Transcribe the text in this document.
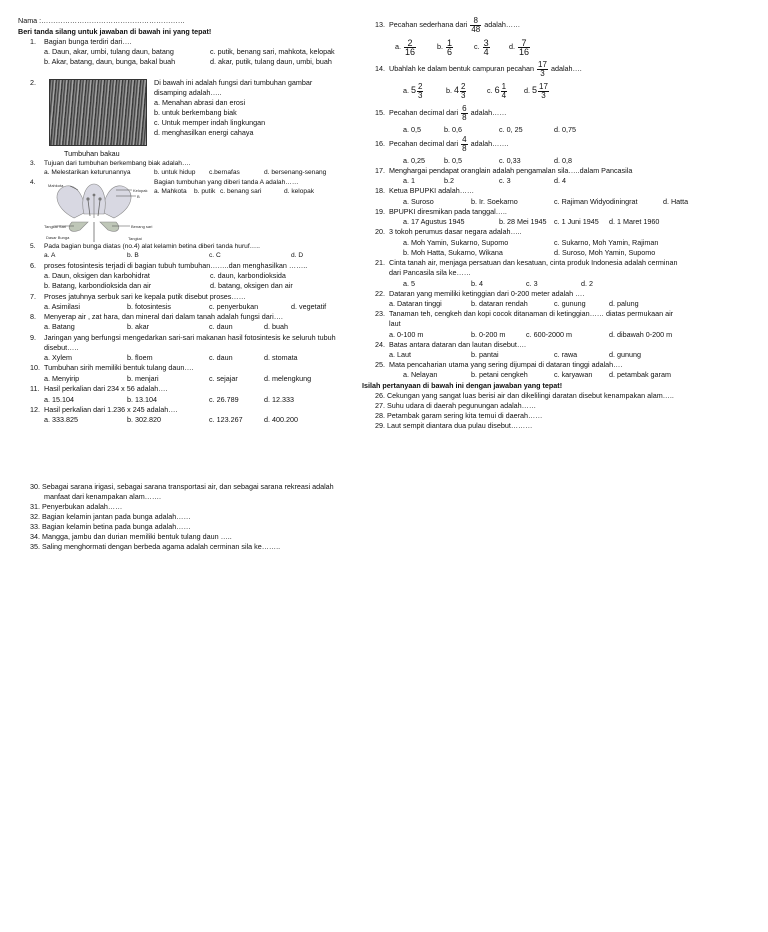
Nama :……………………………………………………
Beri tanda silang untuk jawaban di bawah ini yang tepat!
1. Bagian bunga terdiri dari….
a. Daun, akar, umbi, tulang daun, batang	c. putik, benang sari, mahkota, kelopak
b. Akar, batang, daun, bunga, bakal buah	d. akar, putik, tulang daun, umbi, buah
2.	Di bawah ini adalah fungsi dari tumbuhan gambar
disamping adalah…..
a. Menahan abrasi dan erosi
b. untuk berkembang biak
c. Untuk memper indah lingkungan
d. menghasilkan energi cahaya
Tumbuhan bakau
3. Tujuan dari tumbuhan berkembang biak adalah….
a. Melestarikan keturunannya	b. untuk hidup c.bernafas	d. bersenang-senang
4.	Bagian tumbuhan yang diberi tanda A adalah……
a. Mahkota b. putik c. benang sari	d. kelopak
Mahkota
Kelopak
B
Benang sari
Tangkai Sari
Dasar Bunga	Tangkai
5. Pada bagian bunga diatas (no.4) alat kelamin betina diberi tanda huruf…..
a. A	b. B	c. C	d. D
6. proses fotosintesis terjadi di bagian tubuh tumbuhan……..dan menghasilkan ……..
a. Daun, oksigen dan karbohidrat	c. daun, karbondioksida
b. Batang, karbondioksida dan air	d. batang, oksigen dan air
7. Proses jatuhnya serbuk sari ke kepala putik disebut proses……
a. Asimilasi	b. fotosintesis	c. penyerbukan	d. vegetatif
8. Menyerap air , zat hara, dan mineral dari dalam tanah adalah fungsi dari….
a. Batang	b. akar	c. daun	d. buah
9. Jaringan yang berfungsi mengedarkan sari-sari makanan hasil fotosintesis ke seluruh tubuh
disebut…..
a. Xylem	b. floem	c. daun	d. stomata
10. Tumbuhan sirih memiliki bentuk tulang daun….
a. Menyirip	b. menjari	c. sejajar	d. melengkung
11. Hasil perkalian dari 234 x 56 adalah….
a. 15.104	b. 13.104	c. 26.789	d. 12.333
12. Hasil perkalian dari 1.236 x 245 adalah….
a. 333.825	b. 302.820	c. 123.267	d. 400.200
13. Pecahan sederhana dari $\frac{8}{48}$ adalah……
a. $\frac{2}{16}$	b. $\frac{1}{6}$	c. $\frac{3}{4}$	d. $\frac{7}{16}$
14. Ubahlah ke dalam bentuk campuran pecahan $\frac{17}{3}$ adalah….
a. $5 \frac{2}{3}$	b. $4 \frac{2}{3}$	c. $6 \frac{1}{4} d$. $5 \frac{17}{3}$
15. Pecahan decimal dari $\frac{6}{8}$ adalah……
a. 0,5	b. 0,6	c. 0, 25	d. 0,75
16. Pecahan decimal dari $\frac{4}{8}$ adalah…….
a. 0,25	b. 0,5	c. 0,33	d. 0,8
17. Menghargai pendapat oranglain adalah pengamalan sila…..dalam Pancasila
a. 1	b.2	c. 3	d. 4
18. Ketua BPUPKI adalah……
a. Suroso	b. Ir. Soekarno	c. Rajiman Widyodiningrat	d. Hatta
19. BPUPKI diresmikan pada tanggal…..
a. 17 Agustus 1945	b. 28 Mei 1945 c. 1 Juni 1945 d. 1 Maret 1960
20. 3 tokoh perumus dasar negara adalah…..
a. Moh Yamin, Sukarno, Supomo	c. Sukarno, Moh Yamin, Rajiman
b. Moh Hatta, Sukarno, Wikana	d. Suroso, Moh Yamin, Supomo
21. Cinta tanah air, menjaga persatuan dan kesatuan, cinta produk Indonesia adalah cerminan
dari Pancasila sila ke……
a. 5	b. 4	c. 3	d. 2
22. Dataran yang memiliki ketinggian dari 0-200 meter adalah ….
a. Dataran tinggi	b. dataran rendah	c. gunung	d. palung
23. Tanaman teh, cengkeh dan kopi cocok ditanaman di ketinggian…… diatas permukaan air
laut
a. 0-100 m	b. 0-200 m	c. 600-2000 m	d. dibawah 0-200 m
24. Batas antara dataran dan lautan disebut….
a. Laut	b. pantai	c. rawa	d. gunung
25. Mata pencaharian utama yang sering dijumpai di dataran tinggi adalah….
a. Nelayan	b. petani cengkeh	c. karyawan d. petambak garam
Isilah pertanyaan di bawah ini dengan jawaban yang tepat!
26. Cekungan yang sangat luas berisi air dan dikelilingi daratan disebut kenampakan alam…..
27. Suhu udara di daerah pegunungan adalah……
28. Petambak garam sering kita temui di daerah……
29. Laut sempit diantara dua pulau disebut………
30. Sebagai sarana irigasi, sebagai sarana transportasi air, dan sebagai sarana rekreasi adalah
manfaat dari kenampakan alam…….
31. Penyerbukan adalah……
32. Bagian kelamin jantan pada bunga adalah……
33. Bagian kelamin betina pada bunga adalah……
34. Mangga, jambu dan durian memiliki bentuk tulang daun …..
35. Saling menghormati dengan berbeda agama adalah cerminan sila ke……..
